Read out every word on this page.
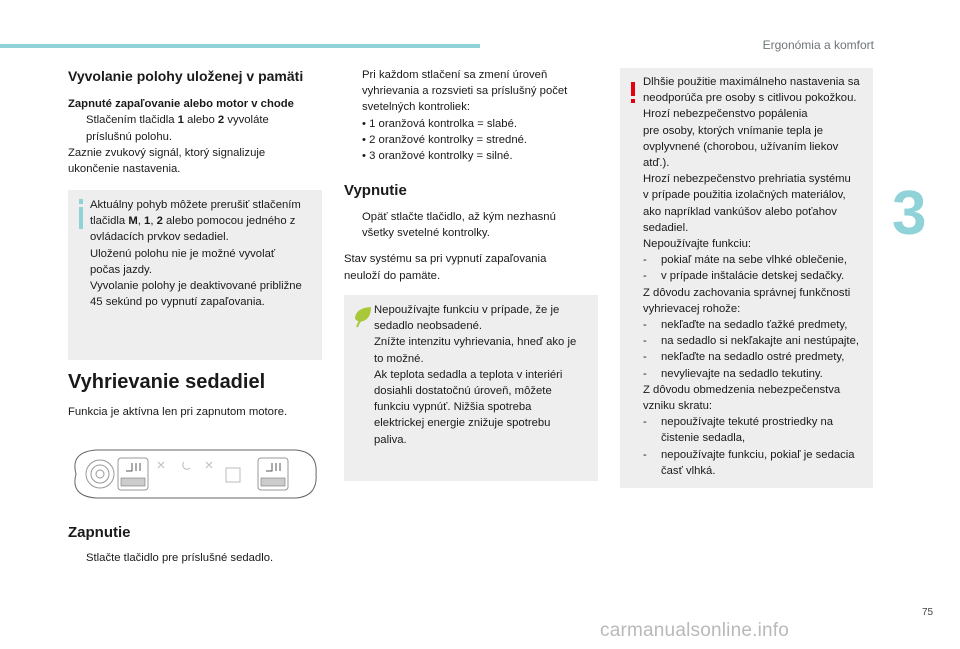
Ergonómia a komfort
3
Vyvolanie polohy uloženej v pamäti

Zapnuté zapaľovanie alebo motor v chode

Stlačením tlačidla 1 alebo 2 vyvoláte

príslušnú polohu.

Zaznie zvukový signál, ktorý signalizuje

ukončenie nastavenia.

Aktuálny pohyb môžete prerušiť stlačením

tlačidla M, 1, 2 alebo pomocou jedného z

ovládacích prvkov sedadiel.

Uloženú polohu nie je možné vyvolať

počas jazdy.

Vyvolanie polohy je deaktivované približne

45 sekúnd po vypnutí zapaľovania.

Vyhrievanie sedadiel

Funkcia je aktívna len pri zapnutom motore.

Zapnutie

Stlačte tlačidlo pre príslušné sedadlo.

Pri každom stlačení sa zmení úroveň

vyhrievania a rozsvieti sa príslušný počet

svetelných kontroliek:

• 1 oranžová kontrolka = slabé.

• 2 oranžové kontrolky = stredné.

• 3 oranžové kontrolky = silné.

Vypnutie

Opäť stlačte tlačidlo, až kým nezhasnú

všetky svetelné kontrolky.

Stav systému sa pri vypnutí zapaľovania

neuloží do pamäte.

Nepoužívajte funkciu v prípade, že je

sedadlo neobsadené.

Znížte intenzitu vyhrievania, hneď ako je

to možné.

Ak teplota sedadla a teplota v interiéri

dosiahli dostatočnú úroveň, môžete

funkciu vypnúť. Nižšia spotreba

elektrickej energie znižuje spotrebu

paliva.

Dlhšie použitie maximálneho nastavenia sa

neodporúča pre osoby s citlivou pokožkou.

Hrozí nebezpečenstvo popálenia

pre osoby, ktorých vnímanie tepla je

ovplyvnené (chorobou, užívaním liekov

atď.).

Hrozí nebezpečenstvo prehriatia systému

v prípade použitia izolačných materiálov,

ako napríklad vankúšov alebo poťahov

sedadiel.

Nepoužívajte funkciu:

- pokiaľ máte na sebe vlhké oblečenie,

- v prípade inštalácie detskej sedačky.

Z dôvodu zachovania správnej funkčnosti

vyhrievacej rohože:

- nekľaďte na sedadlo ťažké predmety,

- na sedadlo si nekľakajte ani nestúpajte,

- nekľaďte na sedadlo ostré predmety,

- nevylievajte na sedadlo tekutiny.

Z dôvodu obmedzenia nebezpečenstva

vzniku skratu:

- nepoužívajte tekuté prostriedky na

čistenie sedadla,

- nepoužívajte funkciu, pokiaľ je sedacia

časť vlhká.

75
carmanualsonline.info
